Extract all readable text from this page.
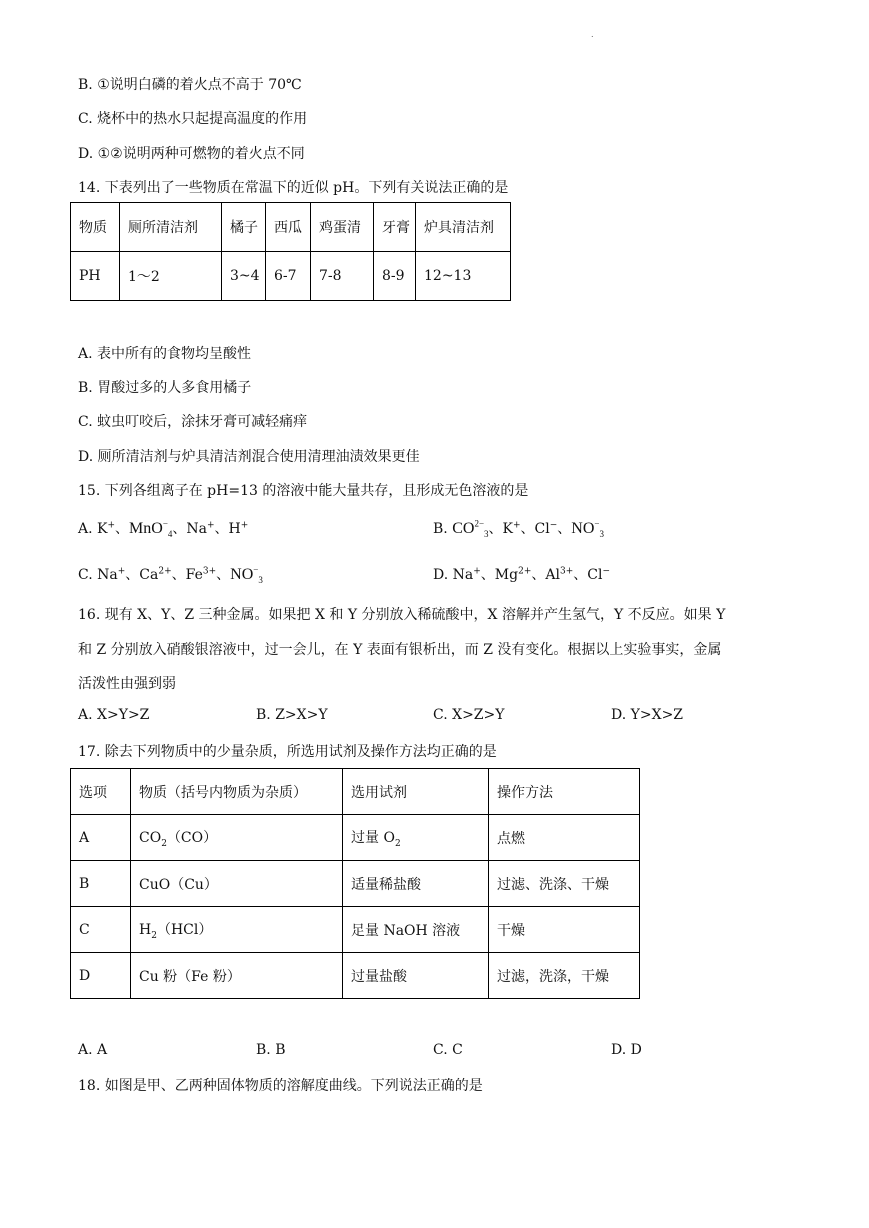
.
B. ①说明白磷的着火点不高于 70℃
C. 烧杯中的热水只起提高温度的作用
D. ①②说明两种可燃物的着火点不同
14. 下表列出了一些物质在常温下的近似 pH。下列有关说法正确的是
物质	厕所清洁剂	橘子	西瓜	鸡蛋清	牙膏	炉具清洁剂
PH	1～2	3~4	6-7	7-8	8-9	12~13
A. 表中所有的食物均呈酸性
B. 胃酸过多的人多食用橘子
C. 蚊虫叮咬后，涂抹牙膏可减轻痛痒
D. 厕所清洁剂与炉具清洁剂混合使用清理油渍效果更佳
15. 下列各组离子在 pH=13 的溶液中能大量共存，且形成无色溶液的是
A. K+、MnO−$_4$、Na+、H+	B. $CO^{2-}_3$、K+、Cl−、$NO^-_3$
C. Na+、$Ca^{2+}$、$Fe^{3+}$、$NO^-_3$	D. Na+、$Mg^{2+}$、$Al^{3+}$、Cl−
16. 现有 X、Y、Z 三种金属。如果把 X 和 Y 分别放入稀硫酸中，X 溶解并产生氢气，Y 不反应。如果 Y
和 Z 分别放入硝酸银溶液中，过一会儿，在 Y 表面有银析出，而 Z 没有变化。根据以上实验事实，金属
活泼性由强到弱
A. X>Y>Z	B. Z>X>Y	C. X>Z>Y	D. Y>X>Z
17. 除去下列物质中的少量杂质，所选用试剂及操作方法均正确的是
选项	物质（括号内物质为杂质）	选用试剂	操作方法
A	$CO_2(CO)$	过量 $O_2$	点燃
B	CuO（Cu）	适量稀盐酸	过滤、洗涤、干燥
C	$H_2(HCl)$	足量 NaOH 溶液	干燥
D	Cu 粉（Fe 粉）	过量盐酸	过滤，洗涤，干燥
A. A	B. B	C. C	D. D
18. 如图是甲、乙两种固体物质的溶解度曲线。下列说法正确的是
